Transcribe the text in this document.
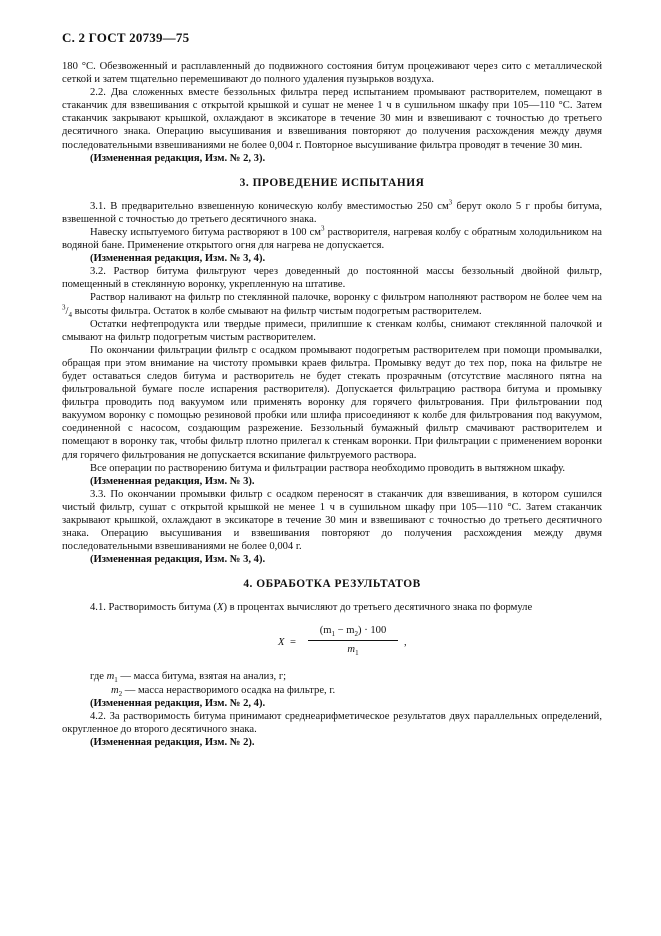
С. 2 ГОСТ 20739—75

180 °С. Обезвоженный и расплавленный до подвижного состояния битум процеживают через сито с металлической сеткой и затем тщательно перемешивают до полного удаления пузырьков воздуха.

2.2. Два сложенных вместе беззольных фильтра перед испытанием промывают растворителем, помещают в стаканчик для взвешивания с открытой крышкой и сушат не менее 1 ч в сушильном шкафу при 105—110 °С. Затем стаканчик закрывают крышкой, охлаждают в эксикаторе в течение 30 мин и взвешивают с точностью до третьего десятичного знака. Операцию высушивания и взвешивания повторяют до получения расхождения между двумя последовательными взвешиваниями не более 0,004 г. Повторное высушивание фильтра проводят в течение 30 мин.

(Измененная редакция, Изм. № 2, 3).

3. ПРОВЕДЕНИЕ ИСПЫТАНИЯ

3.1. В предварительно взвешенную коническую колбу вместимостью 250 $см^3$ берут около 5 г пробы битума, взвешенной с точностью до третьего десятичного знака.

Навеску испытуемого битума растворяют в 100 $см^3$ растворителя, нагревая колбу с обратным холодильником на водяной бане. Применение открытого огня для нагрева не допускается.

(Измененная редакция, Изм. № 3, 4).

3.2. Раствор битума фильтруют через доведенный до постоянной массы беззольный двойной фильтр, помещенный в стеклянную воронку, укрепленную на штативе.

Раствор наливают на фильтр по стеклянной палочке, воронку с фильтром наполняют раствором не более чем на $^3/_4$ высоты фильтра. Остаток в колбе смывают на фильтр чистым подогретым растворителем.

Остатки нефтепродукта или твердые примеси, прилипшие к стенкам колбы, снимают стеклянной палочкой и смывают на фильтр подогретым чистым растворителем.

По окончании фильтрации фильтр с осадком промывают подогретым растворителем при помощи промывалки, обращая при этом внимание на чистоту промывки краев фильтра. Промывку ведут до тех пор, пока на фильтре не будет оставаться следов битума и растворитель не будет стекать прозрачным (отсутствие масляного пятна на фильтровальной бумаге после испарения растворителя). Допускается фильтрацию раствора битума и промывку фильтра проводить под вакуумом или применять воронку для горячего фильтрования. При фильтровании под вакуумом воронку с помощью резиновой пробки или шлифа присоединяют к колбе для фильтрования под вакуумом, соединенной с насосом, создающим разрежение. Беззольный бумажный фильтр смачивают растворителем и помещают в воронку так, чтобы фильтр плотно прилегал к стенкам воронки. При фильтрации с применением воронки для горячего фильтрования не допускается вскипание фильтруемого раствора.

Все операции по растворению битума и фильтрации раствора необходимо проводить в вытяжном шкафу.

(Измененная редакция, Изм. № 3).

3.3. По окончании промывки фильтр с осадком переносят в стаканчик для взвешивания, в котором сушился чистый фильтр, сушат с открытой крышкой не менее 1 ч в сушильном шкафу при 105—110 °С. Затем стаканчик закрывают крышкой, охлаждают в эксикаторе в течение 30 мин и взвешивают с точностью до третьего десятичного знака. Операцию высушивания и взвешивания повторяют до получения расхождения между двумя последовательными взвешиваниями не более 0,004 г.

(Измененная редакция, Изм. № 3, 4).

4. ОБРАБОТКА РЕЗУЛЬТАТОВ

4.1. Растворимость битума (X) в процентах вычисляют до третьего десятичного знака по формуле

X =
$(m_1 - m_2) \cdot 100$
$m_1$
,

где $m_1$ — масса битума, взятая на анализ, г;

$m_2$ — масса нерастворимого осадка на фильтре, г.

(Измененная редакция, Изм. № 2, 4).

4.2. За растворимость битума принимают среднеарифметическое результатов двух параллельных определений, округленное до второго десятичного знака.

(Измененная редакция, Изм. № 2).
